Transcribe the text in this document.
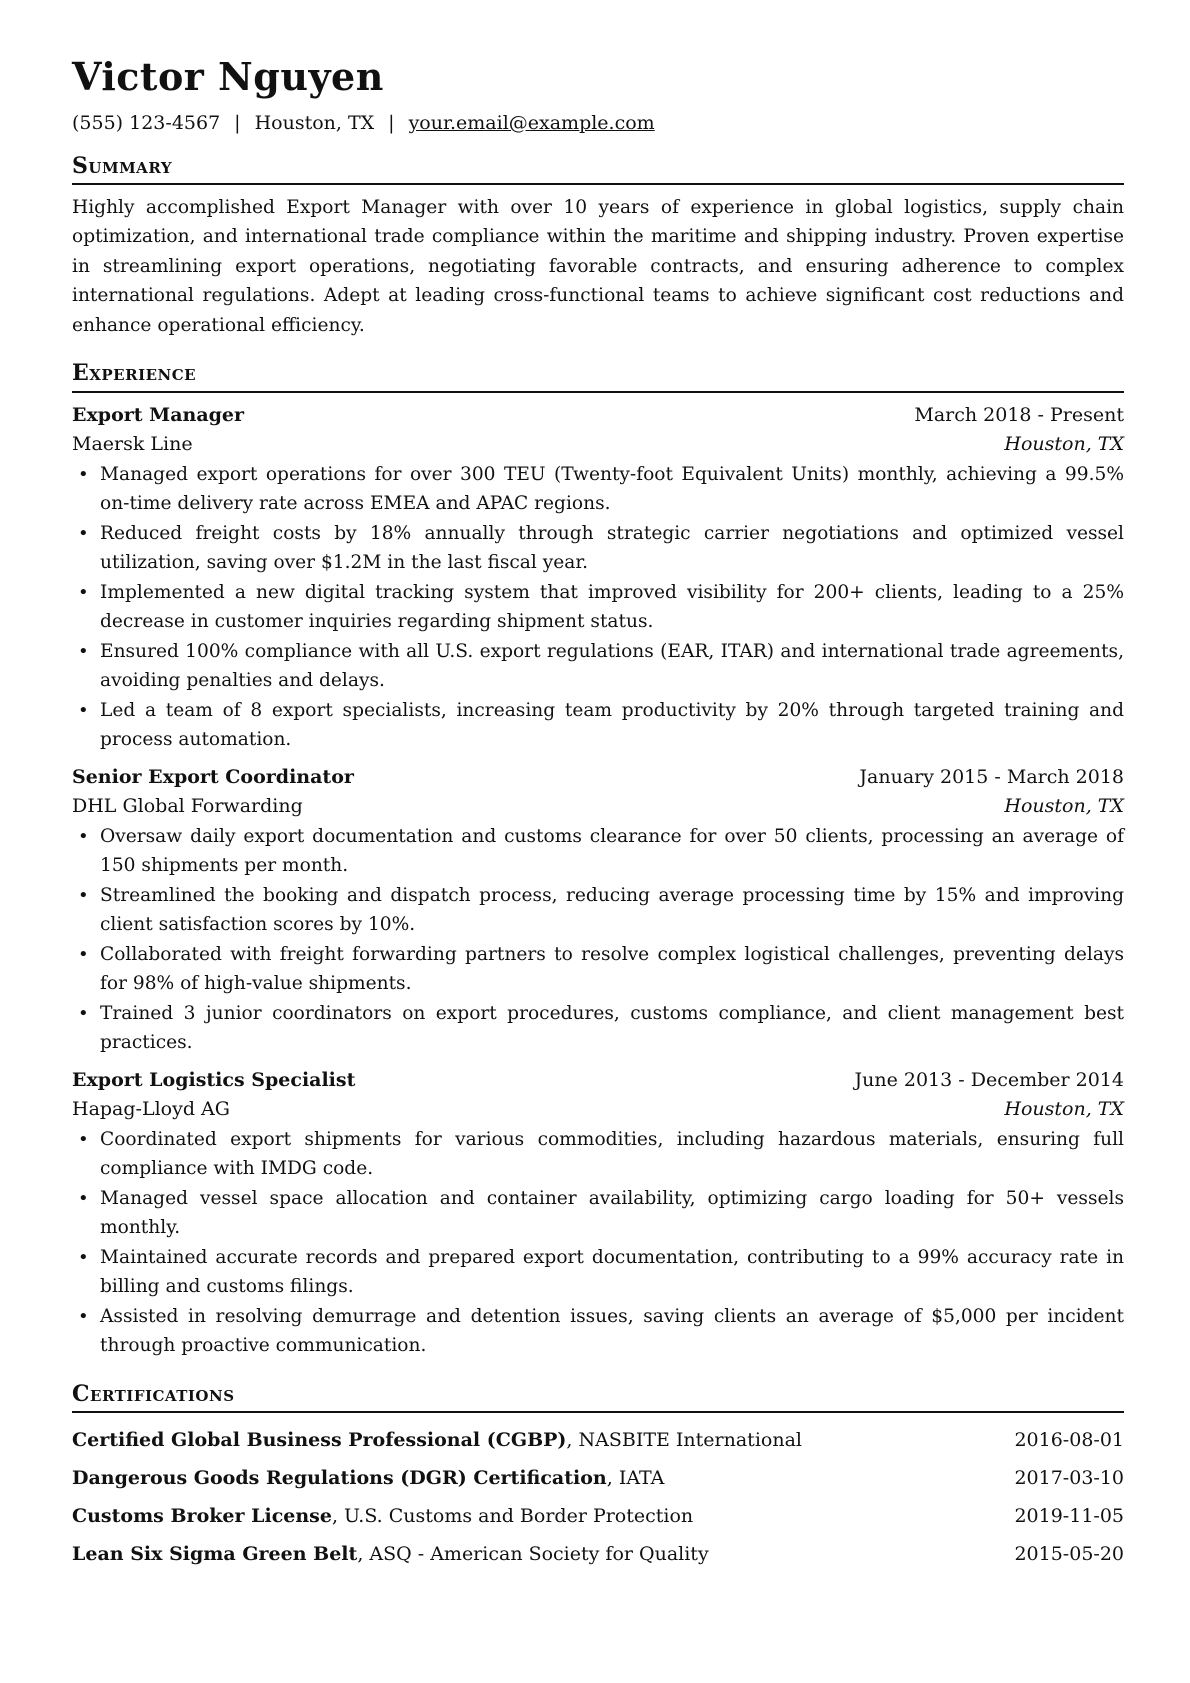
Victor Nguyen
(555) 123-4567 | Houston, TX | your.email@example.com
Summary

Highly accomplished Export Manager with over 10 years of experience in global logistics, supply chain optimization, and international trade compliance within the maritime and shipping industry. Proven expertise in streamlining export operations, negotiating favorable contracts, and ensuring adherence to complex international regulations. Adept at leading cross-functional teams to achieve significant cost reductions and enhance operational efficiency.

Experience
Export Manager	March 2018 - Present
Maersk Line	Houston, TX
• Managed export operations for over 300 TEU (Twenty-foot Equivalent Units) monthly, achieving a 99.5% on-time delivery rate across EMEA and APAC regions.
• Reduced freight costs by 18% annually through strategic carrier negotiations and optimized vessel utilization, saving over $1.2M in the last fiscal year.
• Implemented a new digital tracking system that improved visibility for 200+ clients, leading to a 25% decrease in customer inquiries regarding shipment status.
• Ensured 100% compliance with all U.S. export regulations (EAR, ITAR) and international trade agreements, avoiding penalties and delays.
• Led a team of 8 export specialists, increasing team productivity by 20% through targeted training and process automation.
Senior Export Coordinator	January 2015 - March 2018
DHL Global Forwarding	Houston, TX
• Oversaw daily export documentation and customs clearance for over 50 clients, processing an average of 150 shipments per month.
• Streamlined the booking and dispatch process, reducing average processing time by 15% and improving client satisfaction scores by 10%.
• Collaborated with freight forwarding partners to resolve complex logistical challenges, preventing delays for 98% of high-value shipments.
• Trained 3 junior coordinators on export procedures, customs compliance, and client management best practices.
Export Logistics Specialist	June 2013 - December 2014
Hapag-Lloyd AG	Houston, TX
• Coordinated export shipments for various commodities, including hazardous materials, ensuring full compliance with IMDG code.
• Managed vessel space allocation and container availability, optimizing cargo loading for 50+ vessels monthly.
• Maintained accurate records and prepared export documentation, contributing to a 99% accuracy rate in billing and customs filings.
• Assisted in resolving demurrage and detention issues, saving clients an average of $5,000 per incident through proactive communication.
Certifications
Certified Global Business Professional (CGBP), NASBITE International	2016-08-01
Dangerous Goods Regulations (DGR) Certification, IATA	2017-03-10
Customs Broker License, U.S. Customs and Border Protection	2019-11-05
Lean Six Sigma Green Belt, ASQ - American Society for Quality	2015-05-20
